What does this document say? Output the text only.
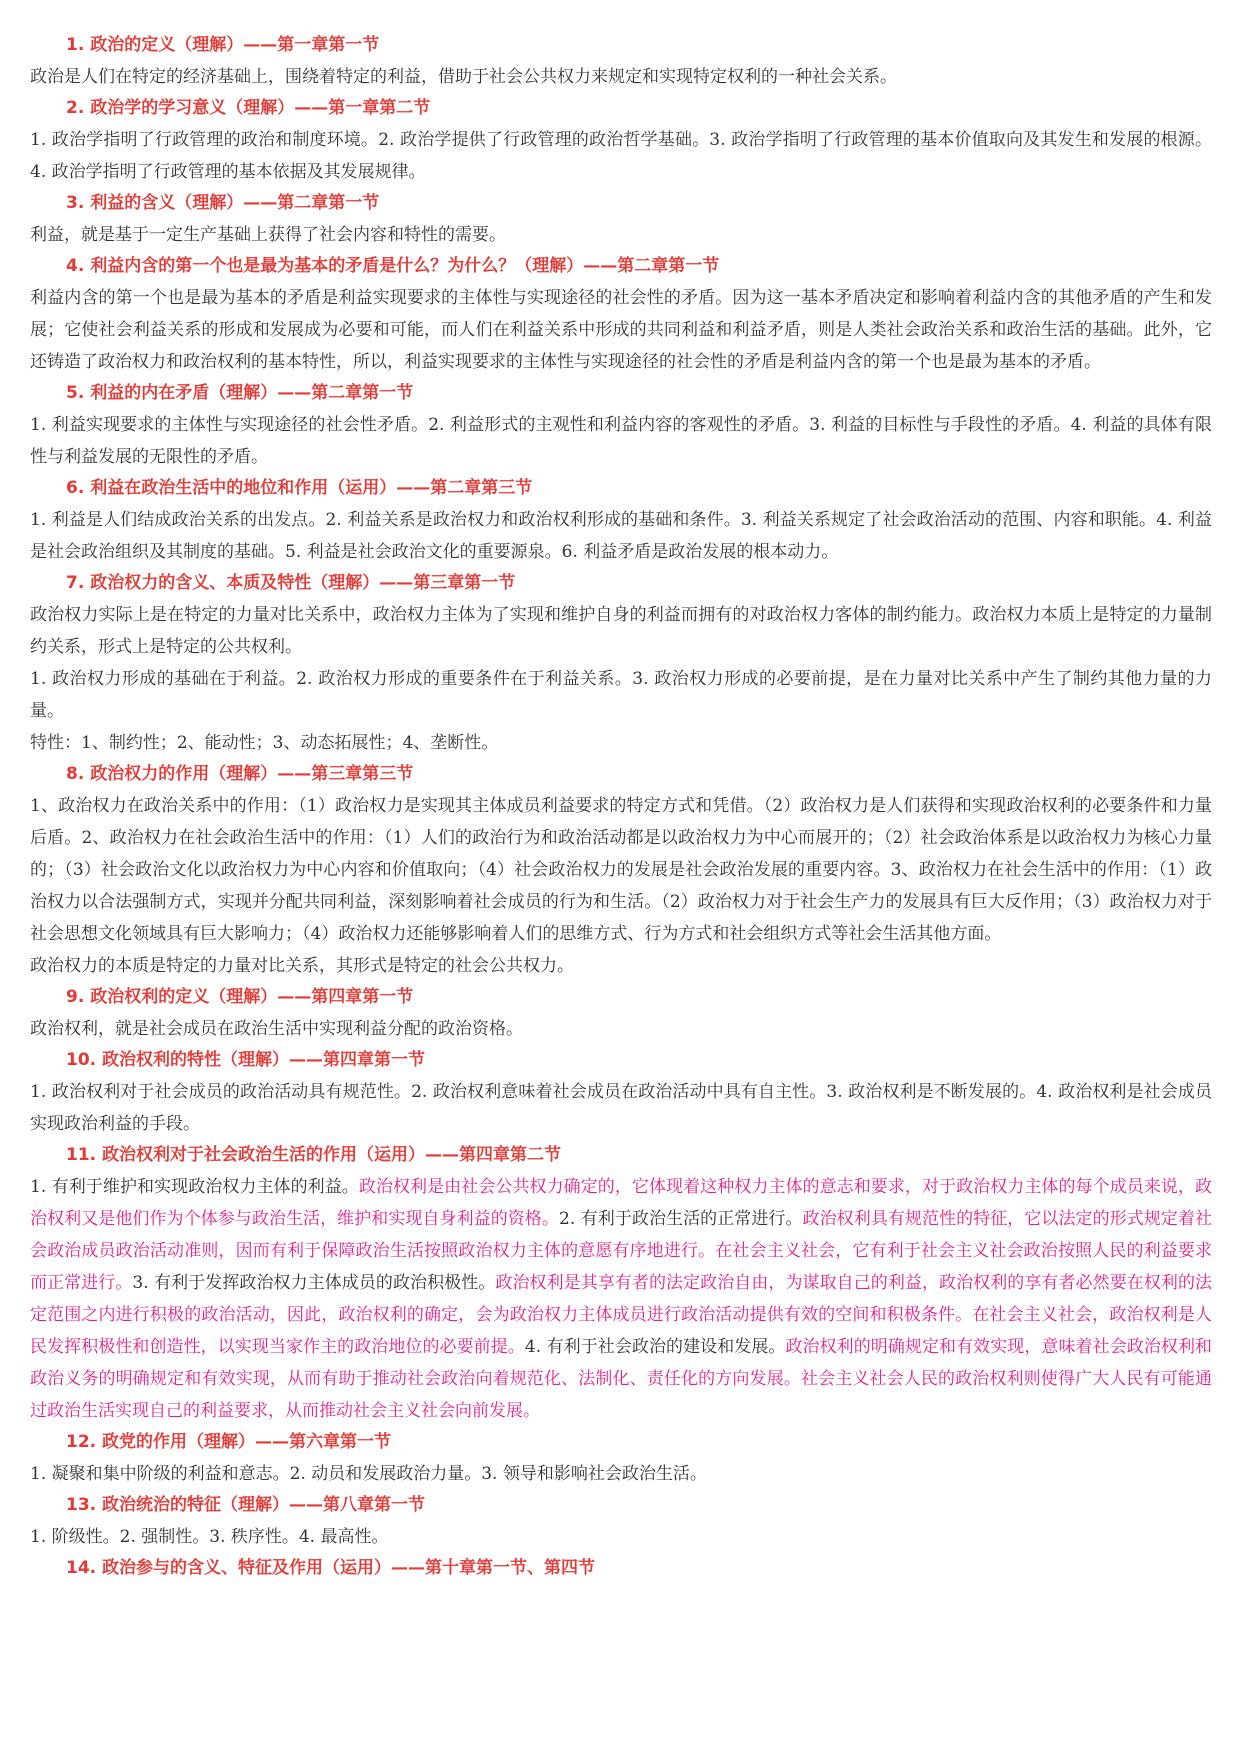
1. 政治的定义（理解）——第一章第一节

政治是人们在特定的经济基础上，围绕着特定的利益，借助于社会公共权力来规定和实现特定权利的一种社会关系。

2. 政治学的学习意义（理解）——第一章第二节

1. 政治学指明了行政管理的政治和制度环境。2. 政治学提供了行政管理的政治哲学基础。3. 政治学指明了行政管理的基本价值取向及其发生和发展的根源。4. 政治学指明了行政管理的基本依据及其发展规律。

3. 利益的含义（理解）——第二章第一节

利益，就是基于一定生产基础上获得了社会内容和特性的需要。

4. 利益内含的第一个也是最为基本的矛盾是什么？为什么？（理解）——第二章第一节

利益内含的第一个也是最为基本的矛盾是利益实现要求的主体性与实现途径的社会性的矛盾。因为这一基本矛盾决定和影响着利益内含的其他矛盾的产生和发展；它使社会利益关系的形成和发展成为必要和可能，而人们在利益关系中形成的共同利益和利益矛盾，则是人类社会政治关系和政治生活的基础。此外，它还铸造了政治权力和政治权利的基本特性，所以，利益实现要求的主体性与实现途径的社会性的矛盾是利益内含的第一个也是最为基本的矛盾。

5. 利益的内在矛盾（理解）——第二章第一节

1. 利益实现要求的主体性与实现途径的社会性矛盾。2. 利益形式的主观性和利益内容的客观性的矛盾。3. 利益的目标性与手段性的矛盾。4. 利益的具体有限性与利益发展的无限性的矛盾。

6. 利益在政治生活中的地位和作用（运用）——第二章第三节

1. 利益是人们结成政治关系的出发点。2. 利益关系是政治权力和政治权利形成的基础和条件。3. 利益关系规定了社会政治活动的范围、内容和职能。4. 利益是社会政治组织及其制度的基础。5. 利益是社会政治文化的重要源泉。6. 利益矛盾是政治发展的根本动力。

7. 政治权力的含义、本质及特性（理解）——第三章第一节

政治权力实际上是在特定的力量对比关系中，政治权力主体为了实现和维护自身的利益而拥有的对政治权力客体的制约能力。政治权力本质上是特定的力量制约关系，形式上是特定的公共权利。

1. 政治权力形成的基础在于利益。2. 政治权力形成的重要条件在于利益关系。3. 政治权力形成的必要前提，是在力量对比关系中产生了制约其他力量的力量。

特性：1、制约性；2、能动性；3、动态拓展性；4、垄断性。

8. 政治权力的作用（理解）——第三章第三节

1、政治权力在政治关系中的作用：（1）政治权力是实现其主体成员利益要求的特定方式和凭借。（2）政治权力是人们获得和实现政治权利的必要条件和力量后盾。2、政治权力在社会政治生活中的作用：（1）人们的政治行为和政治活动都是以政治权力为中心而展开的；（2）社会政治体系是以政治权力为核心力量的；（3）社会政治文化以政治权力为中心内容和价值取向；（4）社会政治权力的发展是社会政治发展的重要内容。3、政治权力在社会生活中的作用：（1）政治权力以合法强制方式，实现并分配共同利益，深刻影响着社会成员的行为和生活。（2）政治权力对于社会生产力的发展具有巨大反作用；（3）政治权力对于社会思想文化领域具有巨大影响力；（4）政治权力还能够影响着人们的思维方式、行为方式和社会组织方式等社会生活其他方面。

政治权力的本质是特定的力量对比关系，其形式是特定的社会公共权力。

9. 政治权利的定义（理解）——第四章第一节

政治权利，就是社会成员在政治生活中实现利益分配的政治资格。

10. 政治权利的特性（理解）——第四章第一节

1. 政治权利对于社会成员的政治活动具有规范性。2. 政治权利意味着社会成员在政治活动中具有自主性。3. 政治权利是不断发展的。4. 政治权利是社会成员实现政治利益的手段。

11. 政治权利对于社会政治生活的作用（运用）——第四章第二节

1. 有利于维护和实现政治权力主体的利益。政治权利是由社会公共权力确定的，它体现着这种权力主体的意志和要求，对于政治权力主体的每个成员来说，政治权利又是他们作为个体参与政治生活，维护和实现自身利益的资格。2. 有利于政治生活的正常进行。政治权利具有规范性的特征，它以法定的形式规定着社会政治成员政治活动准则，因而有利于保障政治生活按照政治权力主体的意愿有序地进行。在社会主义社会，它有利于社会主义社会政治按照人民的利益要求而正常进行。3. 有利于发挥政治权力主体成员的政治积极性。政治权利是其享有者的法定政治自由，为谋取自己的利益，政治权利的享有者必然要在权利的法定范围之内进行积极的政治活动，因此，政治权利的确定，会为政治权力主体成员进行政治活动提供有效的空间和积极条件。在社会主义社会，政治权利是人民发挥积极性和创造性，以实现当家作主的政治地位的必要前提。4. 有利于社会政治的建设和发展。政治权利的明确规定和有效实现，意味着社会政治权利和政治义务的明确规定和有效实现，从而有助于推动社会政治向着规范化、法制化、责任化的方向发展。社会主义社会人民的政治权利则使得广大人民有可能通过政治生活实现自己的利益要求，从而推动社会主义社会向前发展。

12. 政党的作用（理解）——第六章第一节

1. 凝聚和集中阶级的利益和意志。2. 动员和发展政治力量。3. 领导和影响社会政治生活。

13. 政治统治的特征（理解）——第八章第一节

1. 阶级性。2. 强制性。3. 秩序性。4. 最高性。

14. 政治参与的含义、特征及作用（运用）——第十章第一节、第四节
